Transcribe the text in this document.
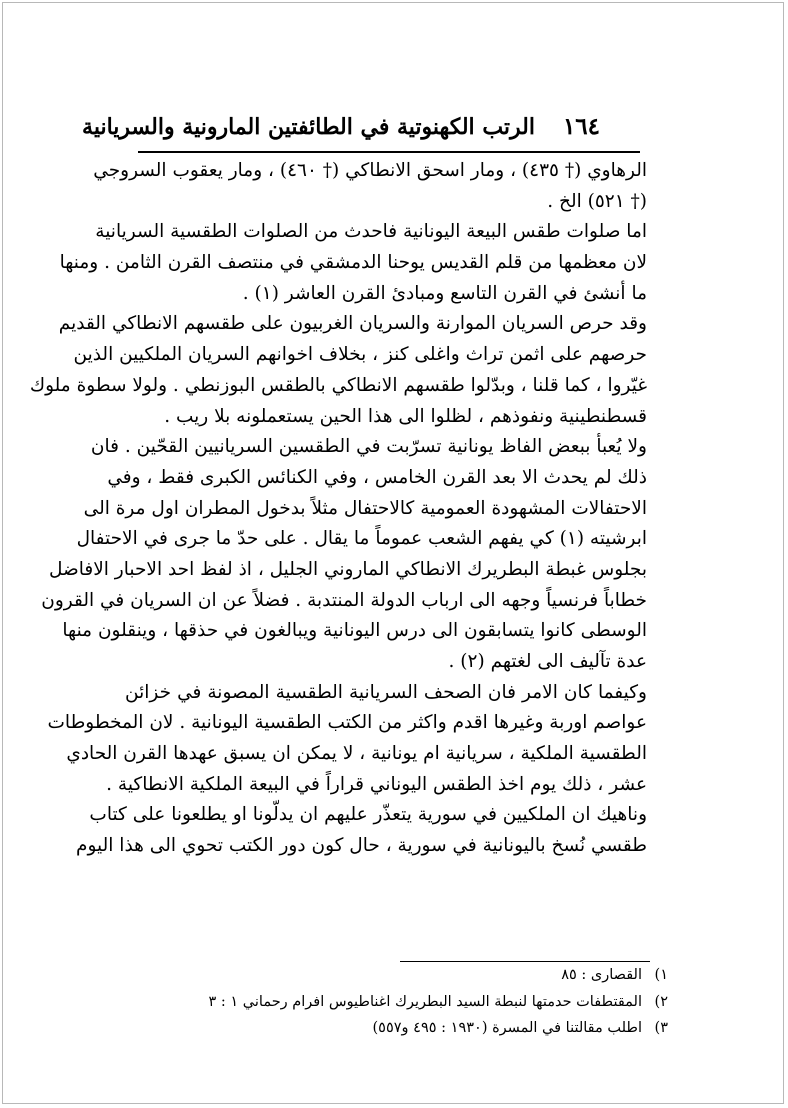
١٦٤
الرتب الكهنوتية في الطائفتين المارونية والسريانية
الرهاوي († ٤٣٥) ، ومار اسحق الانطاكي († ٤٦٠) ، ومار يعقوب السروجي
(† ٥٢١) الخ .
اما صلوات طقس البيعة اليونانية فاحدث من الصلوات الطقسية السريانية
لان معظمها من قلم القديس يوحنا الدمشقي في منتصف القرن الثامن . ومنها
ما أنشئ في القرن التاسع ومبادئ القرن العاشر (١) .
وقد حرص السريان الموارنة والسريان الغربيون على طقسهم الانطاكي القديم
حرصهم على اثمن تراث واغلى كنز ، بخلاف اخوانهم السريان الملكيين الذين
غيّروا ، كما قلنا ، وبدّلوا طقسهم الانطاكي بالطقس البوزنطي . ولولا سطوة ملوك
قسطنطينية ونفوذهم ، لظلوا الى هذا الحين يستعملونه بلا ريب .
ولا يُعبأ ببعض الفاظ يونانية تسرّبت في الطقسين السريانيين القحّين . فان
ذلك لم يحدث الا بعد القرن الخامس ، وفي الكنائس الكبرى فقط ، وفي
الاحتفالات المشهودة العمومية كالاحتفال مثلاً بدخول المطران اول مرة الى
ابرشيته (١) كي يفهم الشعب عموماً ما يقال . على حدّ ما جرى في الاحتفال
بجلوس غبطة البطريرك الانطاكي الماروني الجليل ، اذ لفظ احد الاحبار الافاضل
خطاباً فرنسياً وجهه الى ارباب الدولة المنتدبة . فضلاً عن ان السريان في القرون
الوسطى كانوا يتسابقون الى درس اليونانية ويبالغون في حذقها ، وينقلون منها
عدة تآليف الى لغتهم (٢) .
وكيفما كان الامر فان الصحف السريانية الطقسية المصونة في خزائن
عواصم اوربة وغيرها اقدم واكثر من الكتب الطقسية اليونانية . لان المخطوطات
الطقسية الملكية ، سريانية ام يونانية ، لا يمكن ان يسبق عهدها القرن الحادي
عشر ، ذلك يوم اخذ الطقس اليوناني قراراً في البيعة الملكية الانطاكية .
وناهيك ان الملكيين في سورية يتعذّر عليهم ان يدلّونا او يطلعونا على كتاب
طقسي نُسخ باليونانية في سورية ، حال كون دور الكتب تحوي الى هذا اليوم
١)
القصارى : ٨٥
٢)
المقتطفات حدمتها لنبطة السيد البطريرك اغناطيوس افرام رحماني ١ : ٣
٣)
اطلب مقالتنا في المسرة (١٩٣٠ : ٤٩٥ و٥٥٧)
